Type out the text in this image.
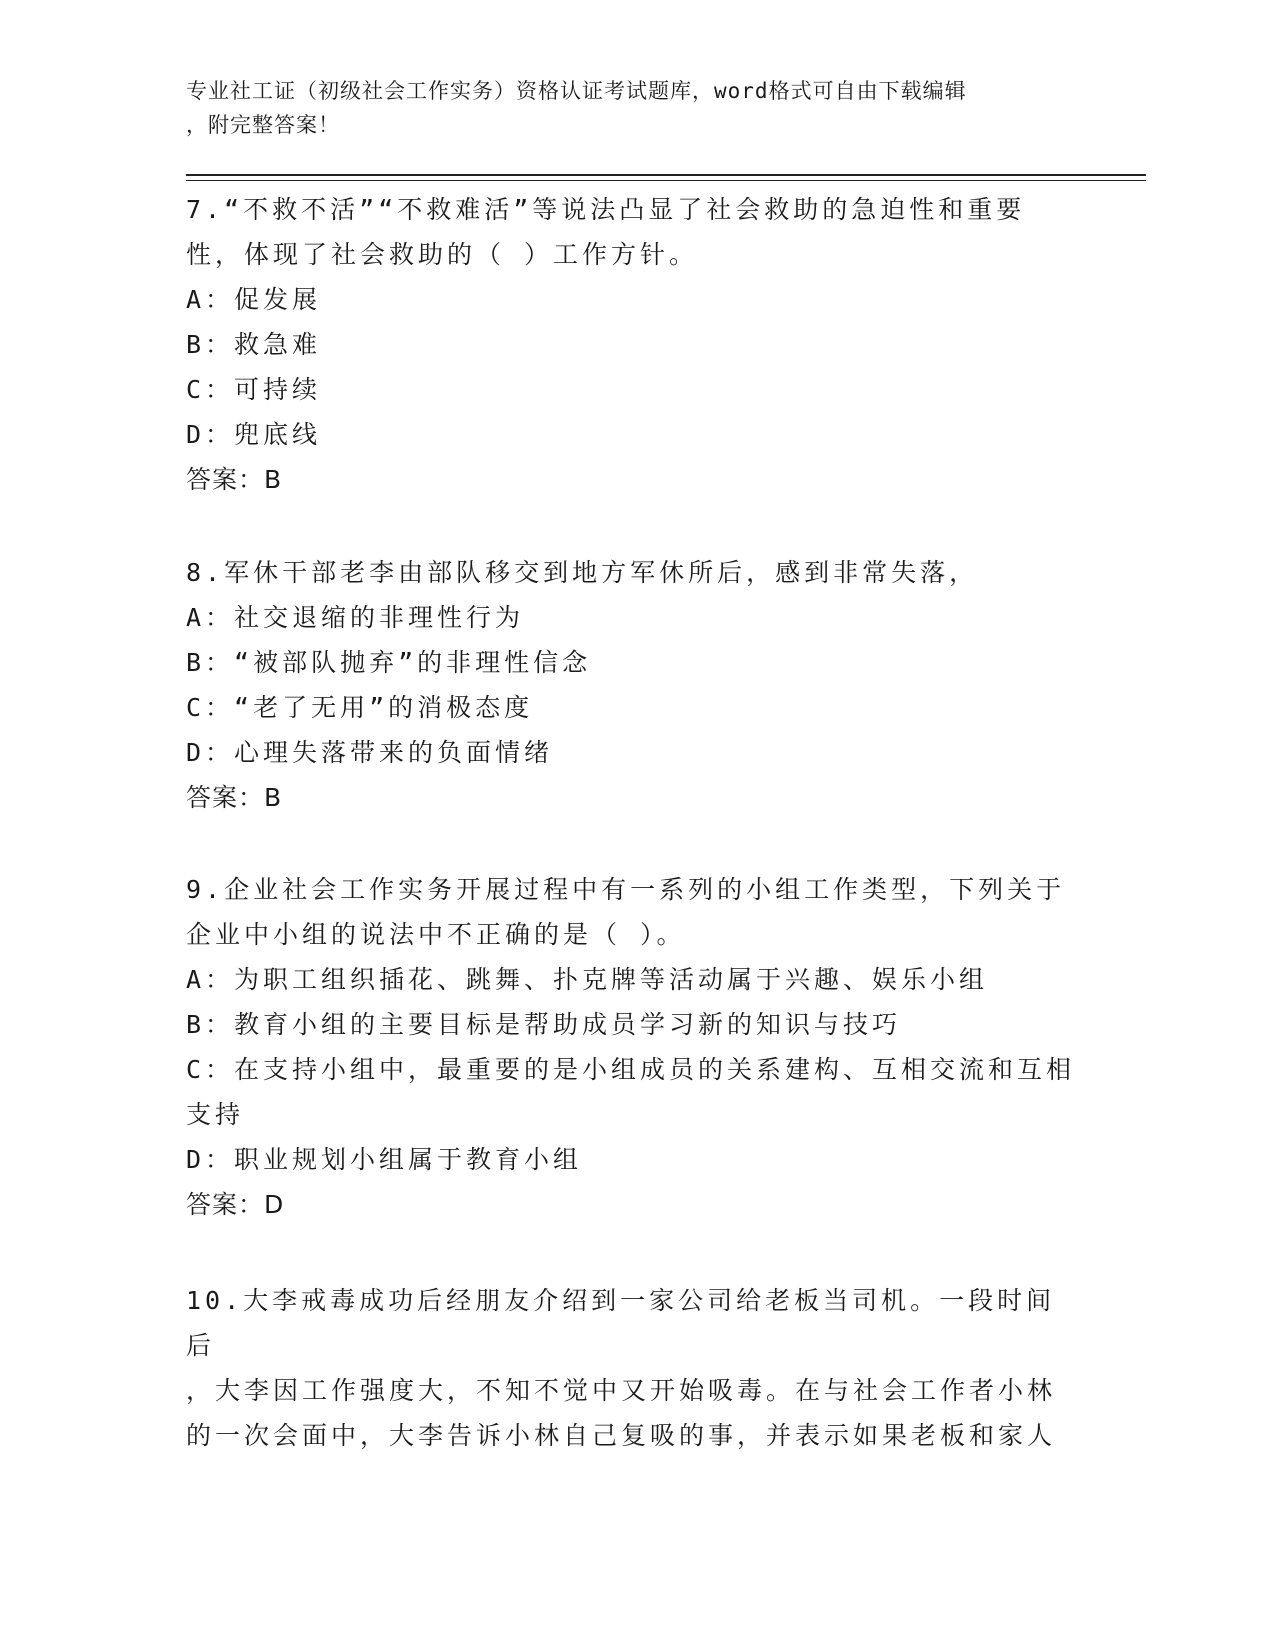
专业社工证（初级社会工作实务）资格认证考试题库，word格式可自由下载编辑
，附完整答案！
7.“不救不活”“不救难活”等说法凸显了社会救助的急迫性和重要
性，体现了社会救助的（ ）工作方针。
A：促发展
B：救急难
C：可持续
D：兜底线
答案：B
8.军休干部老李由部队移交到地方军休所后，感到非常失落，
A：社交退缩的非理性行为
B：“被部队抛弃”的非理性信念
C：“老了无用”的消极态度
D：心理失落带来的负面情绪
答案：B
9.企业社会工作实务开展过程中有一系列的小组工作类型，下列关于
企业中小组的说法中不正确的是（ ）。
A：为职工组织插花、跳舞、扑克牌等活动属于兴趣、娱乐小组
B：教育小组的主要目标是帮助成员学习新的知识与技巧
C：在支持小组中，最重要的是小组成员的关系建构、互相交流和互相
支持
D：职业规划小组属于教育小组
答案：D
10.大李戒毒成功后经朋友介绍到一家公司给老板当司机。一段时间后
，大李因工作强度大，不知不觉中又开始吸毒。在与社会工作者小林
的一次会面中，大李告诉小林自己复吸的事，并表示如果老板和家人
